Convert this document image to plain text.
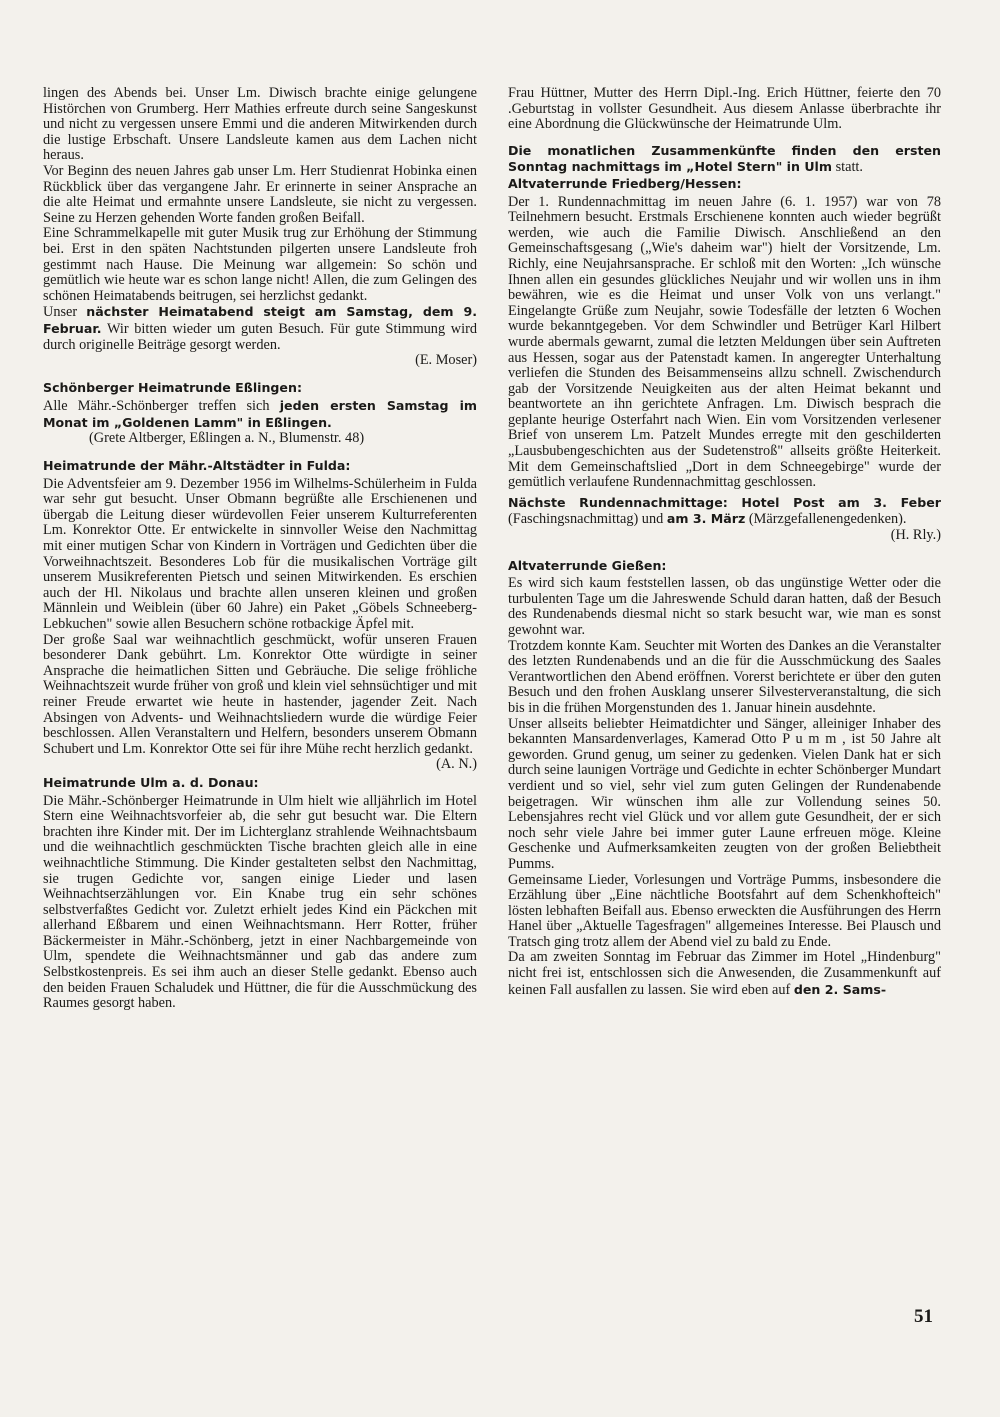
lingen des Abends bei. Unser Lm. Diwisch brachte einige gelungene Histörchen von Grumberg. Herr Mathies erfreute durch seine Sangeskunst und nicht zu vergessen unsere Emmi und die anderen Mitwirkenden durch die lustige Erbschaft. Unsere Landsleute kamen aus dem Lachen nicht heraus.

Vor Beginn des neuen Jahres gab unser Lm. Herr Studienrat Hobinka einen Rückblick über das vergangene Jahr. Er erinnerte in seiner Ansprache an die alte Heimat und ermahnte unsere Landsleute, sie nicht zu vergessen. Seine zu Herzen gehenden Worte fanden großen Beifall.

Eine Schrammelkapelle mit guter Musik trug zur Erhöhung der Stimmung bei. Erst in den späten Nachtstunden pilgerten unsere Landsleute froh gestimmt nach Hause. Die Meinung war allgemein: So schön und gemütlich wie heute war es schon lange nicht! Allen, die zum Gelingen des schönen Heimatabends beitrugen, sei herzlichst gedankt.

Unser nächster Heimatabend steigt am Samstag, dem 9. Februar. Wir bitten wieder um guten Besuch. Für gute Stimmung wird durch originelle Beiträge gesorgt werden.
(E. Moser)

Schönberger Heimatrunde Eßlingen:

Alle Mähr.-Schönberger treffen sich jeden ersten Samstag im Monat im „Goldenen Lamm" in Eßlingen.

(Grete Altberger, Eßlingen a. N., Blumenstr. 48)

Heimatrunde der Mähr.-Altstädter in Fulda:

Die Adventsfeier am 9. Dezember 1956 im Wilhelms-Schülerheim in Fulda war sehr gut besucht. Unser Obmann begrüßte alle Erschienenen und übergab die Leitung dieser würdevollen Feier unserem Kulturreferenten Lm. Konrektor Otte. Er entwickelte in sinnvoller Weise den Nachmittag mit einer mutigen Schar von Kindern in Vorträgen und Gedichten über die Vorweihnachtszeit. Besonderes Lob für die musikalischen Vorträge gilt unserem Musikreferenten Pietsch und seinen Mitwirkenden. Es erschien auch der Hl. Nikolaus und brachte allen unseren kleinen und großen Männlein und Weiblein (über 60 Jahre) ein Paket „Göbels Schneeberg-Lebkuchen" sowie allen Besuchern schöne rotbackige Äpfel mit.

Der große Saal war weihnachtlich geschmückt, wofür unseren Frauen besonderer Dank gebührt. Lm. Konrektor Otte würdigte in seiner Ansprache die heimatlichen Sitten und Gebräuche. Die selige fröhliche Weihnachtszeit wurde früher von groß und klein viel sehnsüchtiger und mit reiner Freude erwartet wie heute in hastender, jagender Zeit. Nach Absingen von Advents- und Weihnachtsliedern wurde die würdige Feier beschlossen. Allen Veranstaltern und Helfern, besonders unserem Obmann Schubert und Lm. Konrektor Otte sei für ihre Mühe recht herzlich gedankt.

(A. N.)
Heimatrunde Ulm a. d. Donau:

Die Mähr.-Schönberger Heimatrunde in Ulm hielt wie alljährlich im Hotel Stern eine Weihnachtsvorfeier ab, die sehr gut besucht war. Die Eltern brachten ihre Kinder mit. Der im Lichterglanz strahlende Weihnachtsbaum und die weihnachtlich geschmückten Tische brachten gleich alle in eine weihnachtliche Stimmung. Die Kinder gestalteten selbst den Nachmittag, sie trugen Gedichte vor, sangen einige Lieder und lasen Weihnachtserzählungen vor. Ein Knabe trug ein sehr schönes selbstverfaßtes Gedicht vor. Zuletzt erhielt jedes Kind ein Päckchen mit allerhand Eßbarem und einen Weihnachtsmann. Herr Rotter, früher Bäckermeister in Mähr.-Schönberg, jetzt in einer Nachbargemeinde von Ulm, spendete die Weihnachtsmänner und gab das andere zum Selbstkostenpreis. Es sei ihm auch an dieser Stelle gedankt. Ebenso auch den beiden Frauen Schaludek und Hüttner, die für die Ausschmückung des Raumes gesorgt haben.

Frau Hüttner, Mutter des Herrn Dipl.-Ing. Erich Hüttner, feierte den 70 .Geburtstag in vollster Gesundheit. Aus diesem Anlasse überbrachte ihr eine Abordnung die Glückwünsche der Heimatrunde Ulm.

Die monatlichen Zusammenkünfte finden den ersten Sonntag nachmittags im „Hotel Stern" in Ulm statt.

Altvaterrunde Friedberg/Hessen:

Der 1. Rundennachmittag im neuen Jahre (6. 1. 1957) war von 78 Teilnehmern besucht. Erstmals Erschienene konnten auch wieder begrüßt werden, wie auch die Familie Diwisch. Anschließend an den Gemeinschaftsgesang („Wie's daheim war") hielt der Vorsitzende, Lm. Richly, eine Neujahrsansprache. Er schloß mit den Worten: „Ich wünsche Ihnen allen ein gesundes glückliches Neujahr und wir wollen uns in ihm bewähren, wie es die Heimat und unser Volk von uns verlangt." Eingelangte Grüße zum Neujahr, sowie Todesfälle der letzten 6 Wochen wurde bekanntgegeben. Vor dem Schwindler und Betrüger Karl Hilbert wurde abermals gewarnt, zumal die letzten Meldungen über sein Auftreten aus Hessen, sogar aus der Patenstadt kamen. In angeregter Unterhaltung verliefen die Stunden des Beisammenseins allzu schnell. Zwischendurch gab der Vorsitzende Neuigkeiten aus der alten Heimat bekannt und beantwortete an ihn gerichtete Anfragen. Lm. Diwisch besprach die geplante heurige Osterfahrt nach Wien. Ein vom Vorsitzenden verlesener Brief von unserem Lm. Patzelt Mundes erregte mit den geschilderten „Lausbubengeschichten aus der Sudetenstroß" allseits größte Heiterkeit. Mit dem Gemeinschaftslied „Dort in dem Schneegebirge" wurde der gemütlich verlaufene Rundennachmittag geschlossen.

Nächste Rundennachmittage: Hotel Post am 3. Feber (Faschingsnachmittag) und am 3. März (Märzgefallenengedenken).
(H. Rly.)

Altvaterrunde Gießen:

Es wird sich kaum feststellen lassen, ob das ungünstige Wetter oder die turbulenten Tage um die Jahreswende Schuld daran hatten, daß der Besuch des Rundenabends diesmal nicht so stark besucht war, wie man es sonst gewohnt war.

Trotzdem konnte Kam. Seuchter mit Worten des Dankes an die Veranstalter des letzten Rundenabends und an die für die Ausschmückung des Saales Verantwortlichen den Abend eröffnen. Vorerst berichtete er über den guten Besuch und den frohen Ausklang unserer Silvesterveranstaltung, die sich bis in die frühen Morgenstunden des 1. Januar hinein ausdehnte.

Unser allseits beliebter Heimatdichter und Sänger, alleiniger Inhaber des bekannten Mansardenverlages, Kamerad Otto P u m m , ist 50 Jahre alt geworden. Grund genug, um seiner zu gedenken. Vielen Dank hat er sich durch seine launigen Vorträge und Gedichte in echter Schönberger Mundart verdient und so viel, sehr viel zum guten Gelingen der Rundenabende beigetragen. Wir wünschen ihm alle zur Vollendung seines 50. Lebensjahres recht viel Glück und vor allem gute Gesundheit, der er sich noch sehr viele Jahre bei immer guter Laune erfreuen möge. Kleine Geschenke und Aufmerksamkeiten zeugten von der großen Beliebtheit Pumms.

Gemeinsame Lieder, Vorlesungen und Vorträge Pumms, insbesondere die Erzählung über „Eine nächtliche Bootsfahrt auf dem Schenkhofteich" lösten lebhaften Beifall aus. Ebenso erweckten die Ausführungen des Herrn Hanel über „Aktuelle Tagesfragen" allgemeines Interesse. Bei Plausch und Tratsch ging trotz allem der Abend viel zu bald zu Ende.

Da am zweiten Sonntag im Februar das Zimmer im Hotel „Hindenburg" nicht frei ist, entschlossen sich die Anwesenden, die Zusammenkunft auf keinen Fall ausfallen zu lassen. Sie wird eben auf den 2. Sams-

51
